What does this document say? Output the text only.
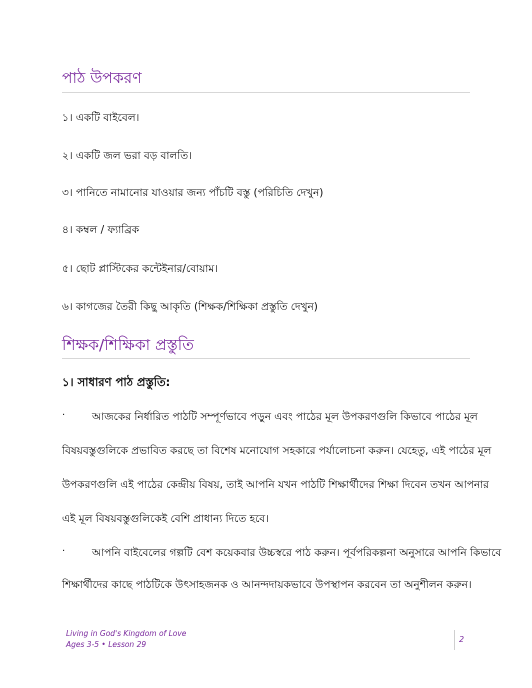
পাঠ উপকরণ
১। একটি বাইবেল।
২। একটি জল ভরা বড় বালতি।
৩। পানিতে নামানোর যাওয়ার জন্য পাঁচটি বস্তু (পরিচিতি দেখুন)
৪। কম্বল / ফ্যাব্রিক
৫। ছোট প্লাস্টিকের কন্টেইনার/বোয়াম।
৬। কাগজের তৈরী কিছু আকৃতি (শিক্ষক/শিক্ষিকা প্রস্তুতি দেখুন)
শিক্ষক/শিক্ষিকা প্রস্তুতি
১। সাধারণ পাঠ প্রস্তুতি:
·	আজকের নির্ধারিত পাঠটি সম্পূর্ণভাবে পড়ুন এবং পাঠের মূল উপকরণগুলি কিভাবে পাঠের মূল
বিষয়বস্তুগুলিকে প্রভাবিত করছে তা বিশেষ মনোযোগ সহকারে পর্যালোচনা করুন। যেহেতু, এই পাঠের মূল
উপকরণগুলি এই পাঠের কেন্দ্রীয় বিষয়, তাই আপনি যখন পাঠটি শিক্ষার্থীদের শিক্ষা দিবেন তখন আপনার
এই মূল বিষয়বস্তুগুলিকেই বেশি প্রাধান্য দিতে হবে।
·	আপনি বাইবেলের গল্পটি বেশ কয়েকবার উচ্চস্বরে পাঠ করুন। পূর্বপরিকল্পনা অনুসারে আপনি কিভাবে
শিক্ষার্থীদের কাছে পাঠটিকে উৎসাহজনক ও আনন্দদায়কভাবে উপস্থাপন করবেন তা অনুশীলন করুন।
Living in God's Kingdom of Love
Ages 3-5 • Lesson 29
2
